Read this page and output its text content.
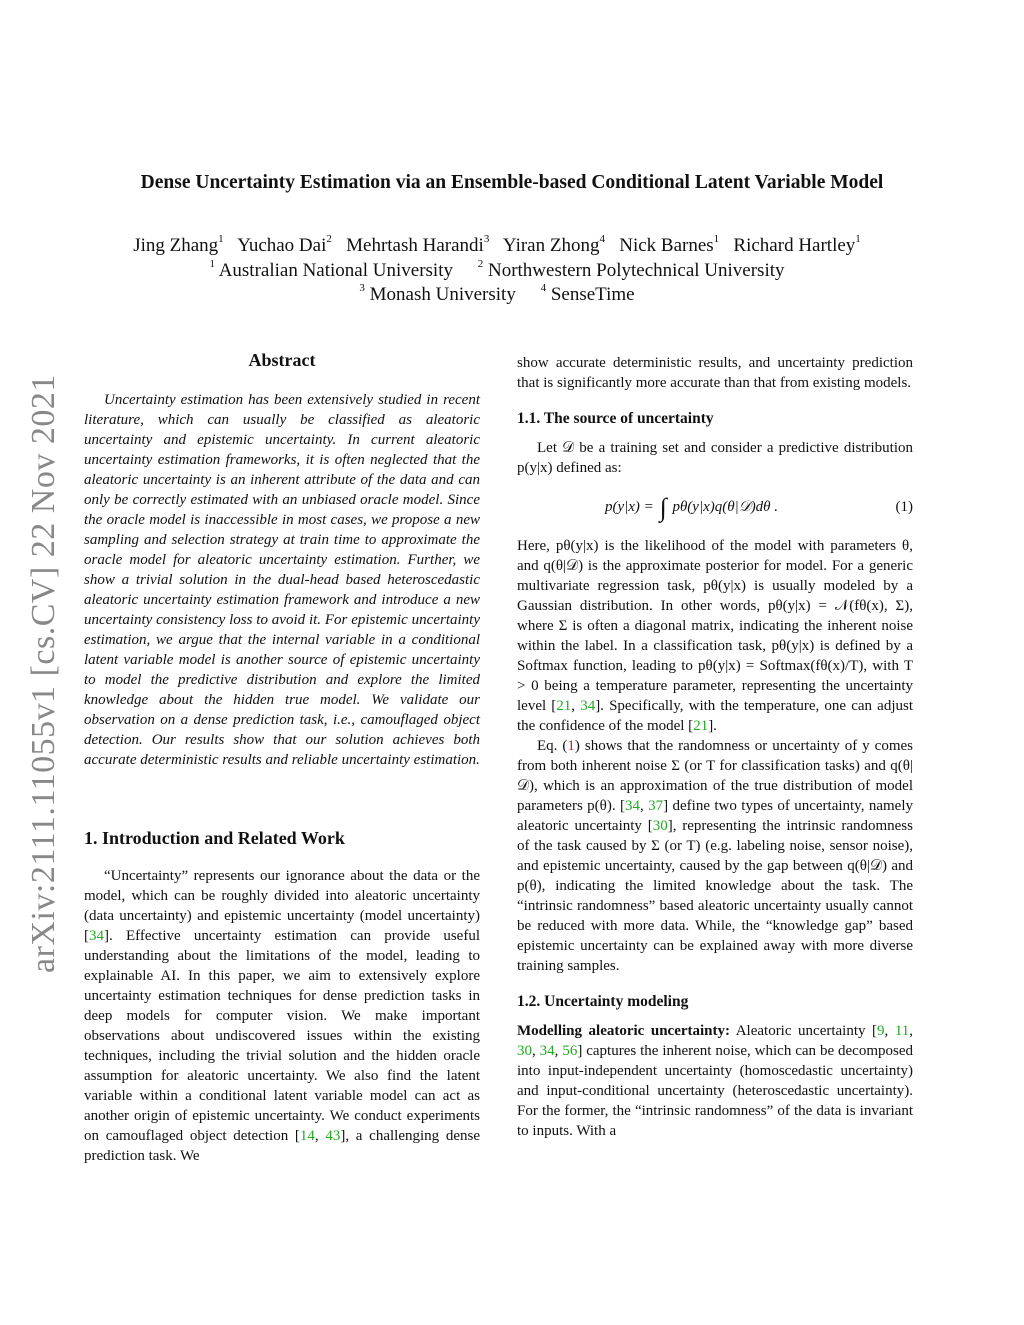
arXiv:2111.11055v1 [cs.CV] 22 Nov 2021
Dense Uncertainty Estimation via an Ensemble-based Conditional Latent Variable Model
Jing Zhang$^1$ Yuchao Dai$^2$ Mehrtash Harandi$^3$ Yiran Zhong$^4$ Nick Barnes$^1$ Richard Hartley$^1$
$^1$ Australian National University $^2$ Northwestern Polytechnical University
$^3$ Monash University $^4$ SenseTime
Abstract

Uncertainty estimation has been extensively studied in recent literature, which can usually be classified as aleatoric uncertainty and epistemic uncertainty. In current aleatoric uncertainty estimation frameworks, it is often neglected that the aleatoric uncertainty is an inherent attribute of the data and can only be correctly estimated with an unbiased oracle model. Since the oracle model is inaccessible in most cases, we propose a new sampling and selection strategy at train time to approximate the oracle model for aleatoric uncertainty estimation. Further, we show a trivial solution in the dual-head based heteroscedastic aleatoric uncertainty estimation framework and introduce a new uncertainty consistency loss to avoid it. For epistemic uncertainty estimation, we argue that the internal variable in a conditional latent variable model is another source of epistemic uncertainty to model the predictive distribution and explore the limited knowledge about the hidden true model. We validate our observation on a dense prediction task, i.e., camouflaged object detection. Our results show that our solution achieves both accurate deterministic results and reliable uncertainty estimation.

1. Introduction and Related Work

“Uncertainty” represents our ignorance about the data or the model, which can be roughly divided into aleatoric uncertainty (data uncertainty) and epistemic uncertainty (model uncertainty) [34]. Effective uncertainty estimation can provide useful understanding about the limitations of the model, leading to explainable AI. In this paper, we aim to extensively explore uncertainty estimation techniques for dense prediction tasks in deep models for computer vision. We make important observations about undiscovered issues within the existing techniques, including the trivial solution and the hidden oracle assumption for aleatoric uncertainty. We also find the latent variable within a conditional latent variable model can act as another origin of epistemic uncertainty. We conduct experiments on camouflaged object detection [14, 43], a challenging dense prediction task. We

show accurate deterministic results, and uncertainty prediction that is significantly more accurate than that from existing models.

1.1. The source of uncertainty

Let 𝒟 be a training set and consider a predictive distribution p(y|x) defined as:

p(y|x) = ∫ pθ(y|x)q(θ|𝒟)dθ .	(1)

Here, pθ(y|x) is the likelihood of the model with parameters θ, and q(θ|𝒟) is the approximate posterior for model. For a generic multivariate regression task, pθ(y|x) is usually modeled by a Gaussian distribution. In other words, pθ(y|x) = 𝒩(fθ(x), Σ), where Σ is often a diagonal matrix, indicating the inherent noise within the label. In a classification task, pθ(y|x) is defined by a Softmax function, leading to pθ(y|x) = Softmax(fθ(x)/T), with T > 0 being a temperature parameter, representing the uncertainty level [21, 34]. Specifically, with the temperature, one can adjust the confidence of the model [21].

Eq. (1) shows that the randomness or uncertainty of y comes from both inherent noise Σ (or T for classification tasks) and q(θ|𝒟), which is an approximation of the true distribution of model parameters p(θ). [34, 37] define two types of uncertainty, namely aleatoric uncertainty [30], representing the intrinsic randomness of the task caused by Σ (or T) (e.g. labeling noise, sensor noise), and epistemic uncertainty, caused by the gap between q(θ|𝒟) and p(θ), indicating the limited knowledge about the task. The “intrinsic randomness” based aleatoric uncertainty usually cannot be reduced with more data. While, the “knowledge gap” based epistemic uncertainty can be explained away with more diverse training samples.

1.2. Uncertainty modeling

Modelling aleatoric uncertainty: Aleatoric uncertainty [9, 11, 30, 34, 56] captures the inherent noise, which can be decomposed into input-independent uncertainty (homoscedastic uncertainty) and input-conditional uncertainty (heteroscedastic uncertainty). For the former, the “intrinsic randomness” of the data is invariant to inputs. With a
